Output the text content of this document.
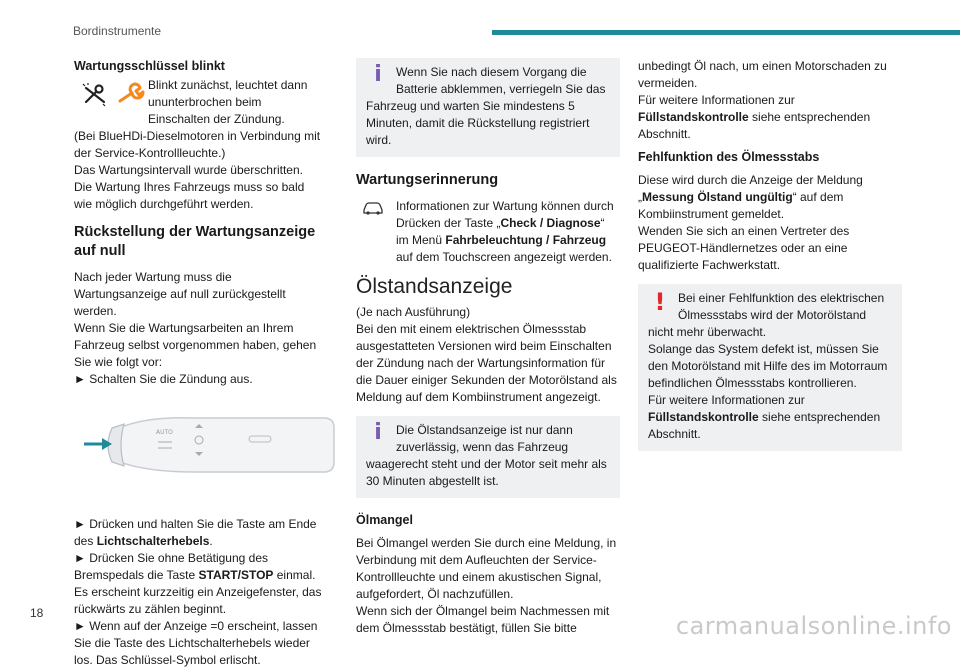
Bordinstrumente

Wartungsschlüssel blinkt

Blinkt zunächst, leuchtet dann ununterbrochen beim Einschalten der Zündung.

(Bei BlueHDi-Dieselmotoren in Verbindung mit der Service-Kontrollleuchte.)

Das Wartungsintervall wurde überschritten.

Die Wartung Ihres Fahrzeugs muss so bald wie möglich durchgeführt werden.

Rückstellung der Wartungsanzeige auf null

Nach jeder Wartung muss die Wartungsanzeige auf null zurückgestellt werden.

Wenn Sie die Wartungsarbeiten an Ihrem Fahrzeug selbst vorgenommen haben, gehen Sie wie folgt vor:

► Schalten Sie die Zündung aus.

AUTO

► Drücken und halten Sie die Taste am Ende des Lichtschalterhebels.

► Drücken Sie ohne Betätigung des Bremspedals die Taste START/STOP einmal. Es erscheint kurzzeitig ein Anzeigefenster, das rückwärts zu zählen beginnt.

► Wenn auf der Anzeige =0 erscheint, lassen Sie die Taste des Lichtschalterhebels wieder los. Das Schlüssel-Symbol erlischt.

i	Wenn Sie nach diesem Vorgang die Batterie abklemmen, verriegeln Sie das Fahrzeug und warten Sie mindestens 5 Minuten, damit die Rückstellung registriert wird.

Wartungserinnerung

Informationen zur Wartung können durch Drücken der Taste „Check / Diagnose“ im Menü Fahrbeleuchtung / Fahrzeug auf dem Touchscreen angezeigt werden.

Ölstandsanzeige

(Je nach Ausführung)

Bei den mit einem elektrischen Ölmessstab ausgestatteten Versionen wird beim Einschalten der Zündung nach der Wartungsinformation für die Dauer einiger Sekunden der Motorölstand als Meldung auf dem Kombiinstrument angezeigt.

i	Die Ölstandsanzeige ist nur dann zuverlässig, wenn das Fahrzeug waagerecht steht und der Motor seit mehr als 30 Minuten abgestellt ist.

Ölmangel

Bei Ölmangel werden Sie durch eine Meldung, in Verbindung mit dem Aufleuchten der Service-Kontrollleuchte und einem akustischen Signal, aufgefordert, Öl nachzufüllen.

Wenn sich der Ölmangel beim Nachmessen mit dem Ölmessstab bestätigt, füllen Sie bitte

unbedingt Öl nach, um einen Motorschaden zu vermeiden.

Für weitere Informationen zur Füllstandskontrolle siehe entsprechenden Abschnitt.

Fehlfunktion des Ölmessstabs

Diese wird durch die Anzeige der Meldung „Messung Ölstand ungültig“ auf dem Kombiinstrument gemeldet.

Wenden Sie sich an einen Vertreter des PEUGEOT-Händlernetzes oder an eine qualifizierte Fachwerkstatt.

!	Bei einer Fehlfunktion des elektrischen Ölmessstabs wird der Motorölstand nicht mehr überwacht.

Solange das System defekt ist, müssen Sie den Motorölstand mit Hilfe des im Motorraum befindlichen Ölmessstabs kontrollieren.

Für weitere Informationen zur
Füllstandskontrolle siehe entsprechenden Abschnitt.

18	carmanualsonline.info
